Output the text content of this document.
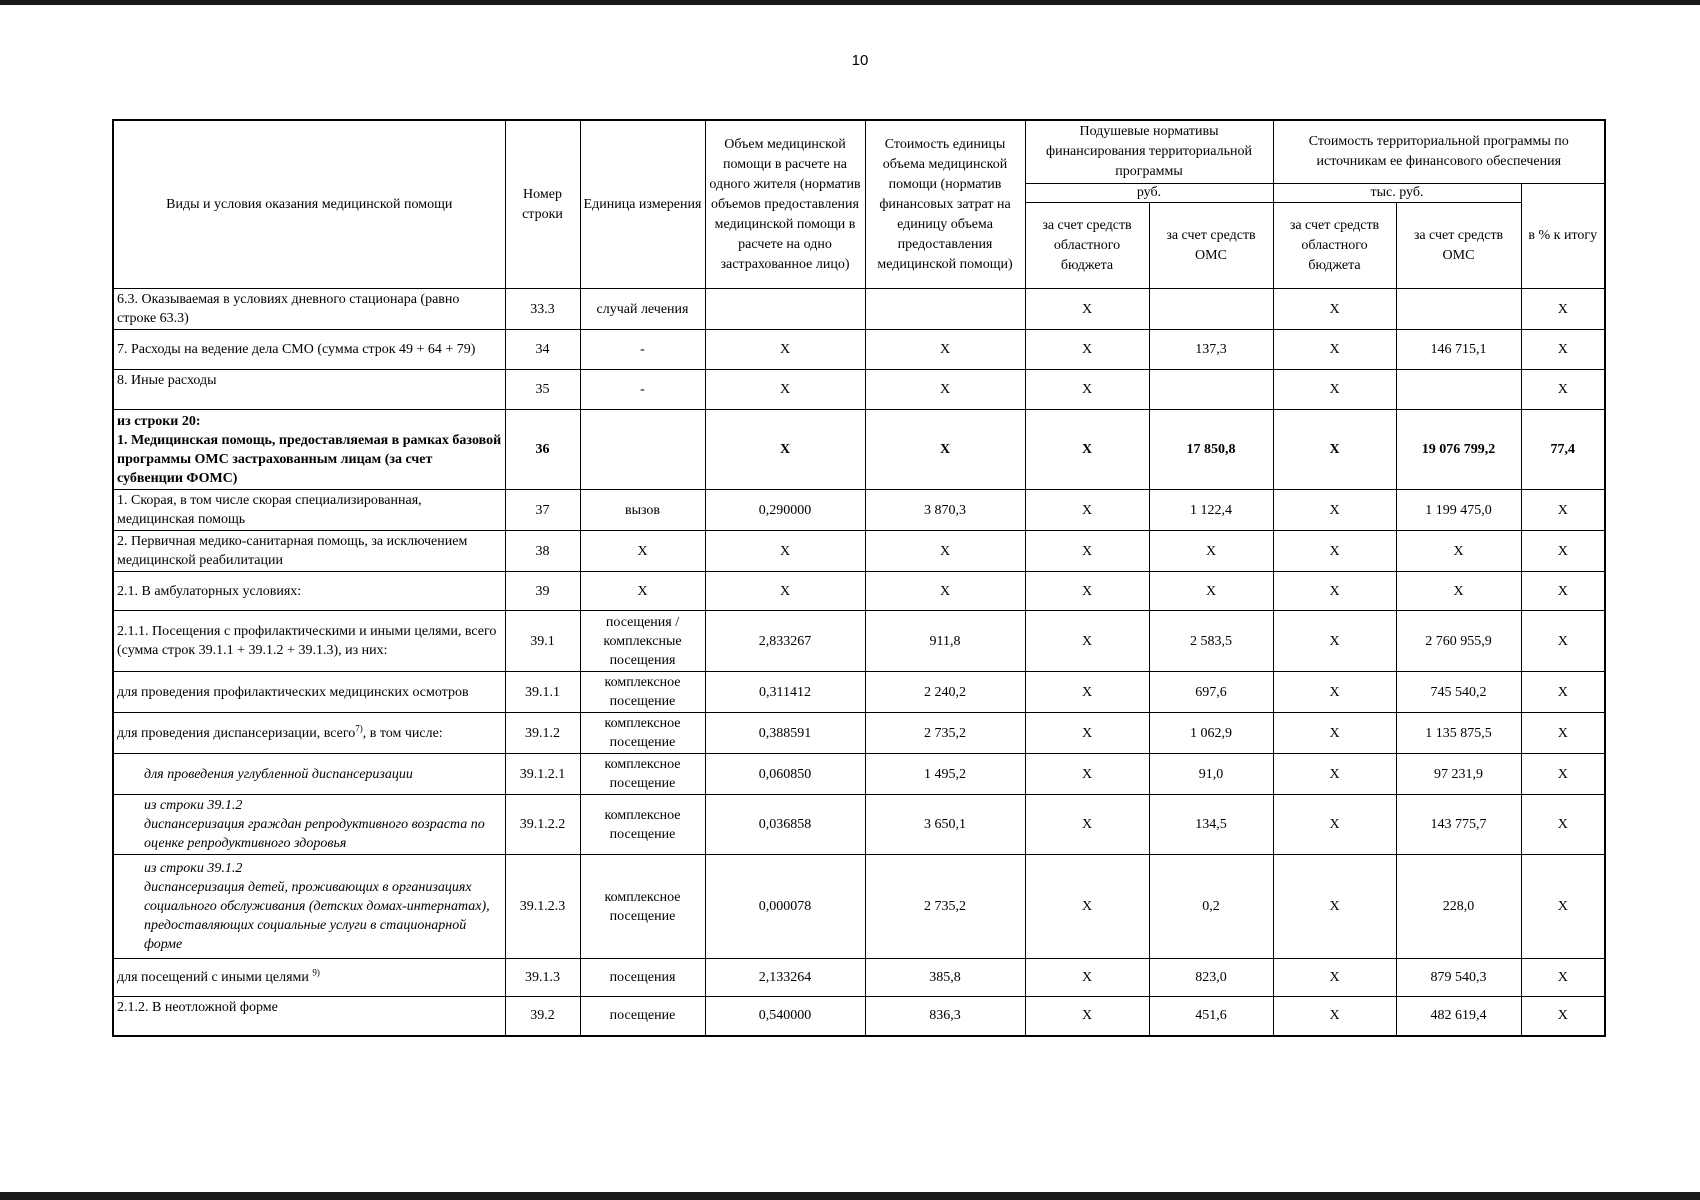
10
Виды и условия оказания медицинской помощи	Номер строки	Единица измерения	Объем медицинской помощи в расчете на одного жителя (норматив объемов предоставления медицинской помощи в расчете на одно застрахованное лицо)	Стоимость единицы объема медицинской помощи (норматив финансовых затрат на единицу объема предоставления медицинской помощи)	Подушевые нормативы финансирования территориальной программы		Стоимость территориальной программы по источникам ее финансового обеспечения		
					руб.		тыс. руб.		в % к итогу
					за счет средств областного бюджета	за счет средств ОМС	за счет средств областного бюджета	за счет средств ОМС	
6.3. Оказываемая в условиях дневного стационара (равно строке 63.3)	33.3	случай лечения			X		X		X
7. Расходы на ведение дела СМО (сумма строк 49 + 64 + 79)	34	-	X	X	X	137,3	X	146 715,1	X
8. Иные расходы	35	-	X	X	X		X		X
из строки 20:
1. Медицинская помощь, предоставляемая в рамках базовой программы ОМС застрахованным лицам (за счет субвенции ФОМС)	36		X	X	X	17 850,8	X	19 076 799,2	77,4
1. Скорая, в том числе скорая специализированная, медицинская помощь	37	вызов	0,290000	3 870,3	X	1 122,4	X	1 199 475,0	X
2. Первичная медико-санитарная помощь, за исключением медицинской реабилитации	38	X	X	X	X	X	X	X	X
2.1. В амбулаторных условиях:	39	X	X	X	X	X	X	X	X
2.1.1. Посещения с профилактическими и иными целями, всего (сумма строк 39.1.1 + 39.1.2 + 39.1.3), из них:	39.1	посещения / комплексные посещения	2,833267	911,8	X	2 583,5	X	2 760 955,9	X
для проведения профилактических медицинских осмотров	39.1.1	комплексное посещение	0,311412	2 240,2	X	697,6	X	745 540,2	X
для проведения диспансеризации, всего$^{7)}$, в том числе:	39.1.2	комплексное посещение	0,388591	2 735,2	X	1 062,9	X	1 135 875,5	X
для проведения углубленной диспансеризации	39.1.2.1	комплексное посещение	0,060850	1 495,2	X	91,0	X	97 231,9	X
из строки 39.1.2
диспансеризация граждан репродуктивного возраста по оценке репродуктивного здоровья	39.1.2.2	комплексное посещение	0,036858	3 650,1	X	134,5	X	143 775,7	X
из строки 39.1.2
диспансеризация детей, проживающих в организациях социального обслуживания (детских домах-интернатах), предоставляющих социальные услуги в стационарной форме	39.1.2.3	комплексное посещение	0,000078	2 735,2	X	0,2	X	228,0	X
для посещений с иными целями $^{9)}$	39.1.3	посещения	2,133264	385,8	X	823,0	X	879 540,3	X
2.1.2. В неотложной форме	39.2	посещение	0,540000	836,3	X	451,6	X	482 619,4	X
